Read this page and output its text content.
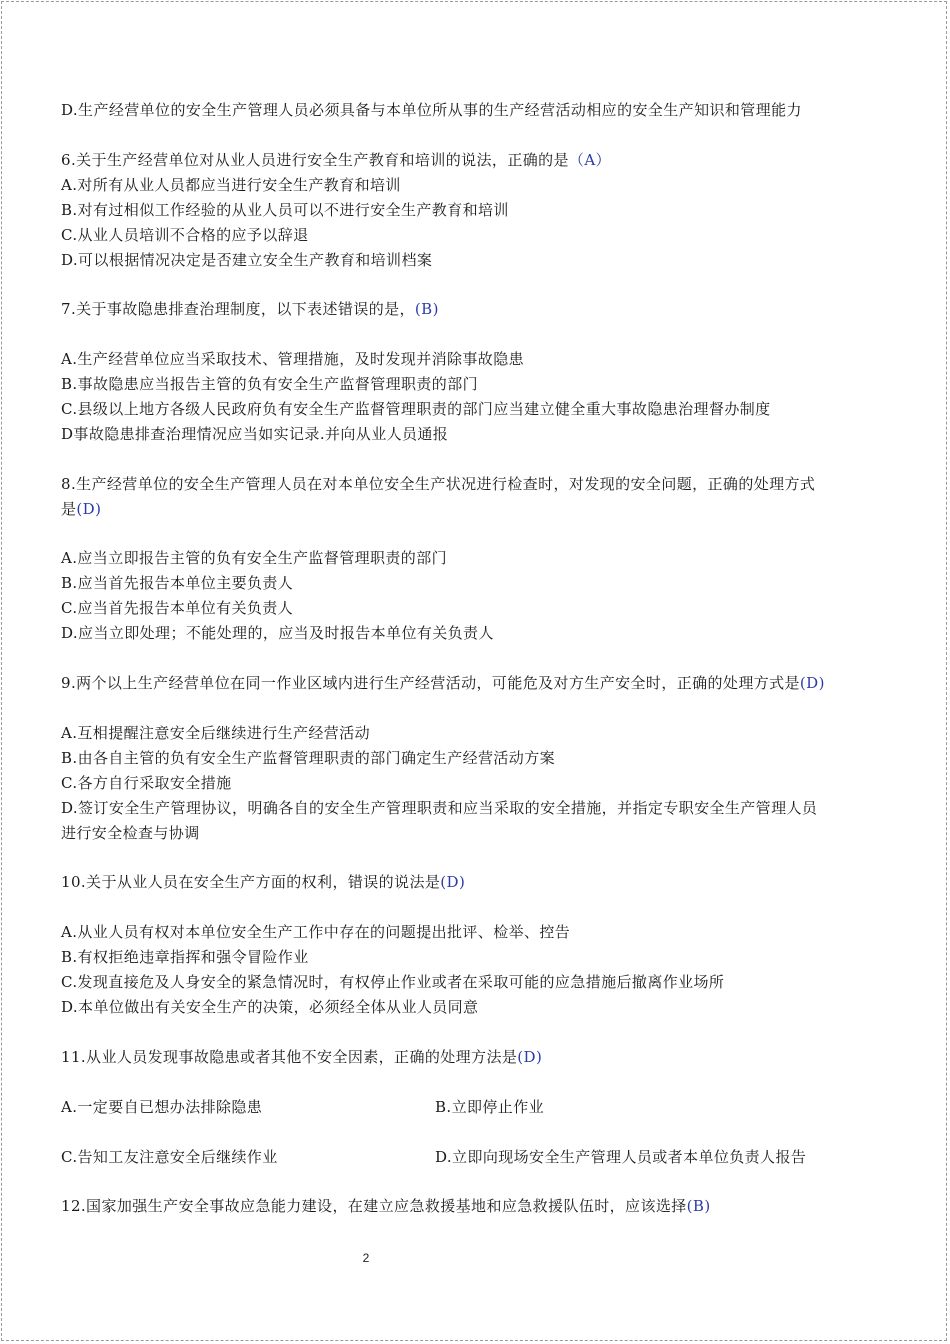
D.生产经营单位的安全生产管理人员必须具备与本单位所从事的生产经营活动相应的安全生产知识和管理能力
6.关于生产经营单位对从业人员进行安全生产教育和培训的说法，正确的是（A）
A.对所有从业人员都应当进行安全生产教育和培训
B.对有过相似工作经验的从业人员可以不进行安全生产教育和培训
C.从业人员培训不合格的应予以辞退
D.可以根据情况决定是否建立安全生产教育和培训档案
7.关于事故隐患排查治理制度，以下表述错误的是，(B)
A.生产经营单位应当采取技术、管理措施，及时发现并消除事故隐患
B.事故隐患应当报告主管的负有安全生产监督管理职责的部门
C.县级以上地方各级人民政府负有安全生产监督管理职责的部门应当建立健全重大事故隐患治理督办制度
D事故隐患排查治理情况应当如实记录.并向从业人员通报
8.生产经营单位的安全生产管理人员在对本单位安全生产状况进行检查时，对发现的安全问题，正确的处理方式
是(D)
A.应当立即报告主管的负有安全生产监督管理职责的部门
B.应当首先报告本单位主要负责人
C.应当首先报告本单位有关负责人
D.应当立即处理；不能处理的，应当及时报告本单位有关负责人
9.两个以上生产经营单位在同一作业区域内进行生产经营活动，可能危及对方生产安全时，正确的处理方式是(D)
A.互相提醒注意安全后继续进行生产经营活动
B.由各自主管的负有安全生产监督管理职责的部门确定生产经营活动方案
C.各方自行采取安全措施
D.签订安全生产管理协议，明确各自的安全生产管理职责和应当采取的安全措施，并指定专职安全生产管理人员
进行安全检查与协调
10.关于从业人员在安全生产方面的权利，错误的说法是(D)
A.从业人员有权对本单位安全生产工作中存在的问题提出批评、检举、控告
B.有权拒绝违章指挥和强令冒险作业
C.发现直接危及人身安全的紧急情况时，有权停止作业或者在采取可能的应急措施后撤离作业场所
D.本单位做出有关安全生产的决策，必须经全体从业人员同意
11.从业人员发现事故隐患或者其他不安全因素，正确的处理方法是(D)
A.一定要自已想办法排除隐患	B.立即停止作业
C.告知工友注意安全后继续作业	D.立即向现场安全生产管理人员或者本单位负责人报告
12.国家加强生产安全事故应急能力建设，在建立应急救援基地和应急救援队伍时，应该选择(B)
2
